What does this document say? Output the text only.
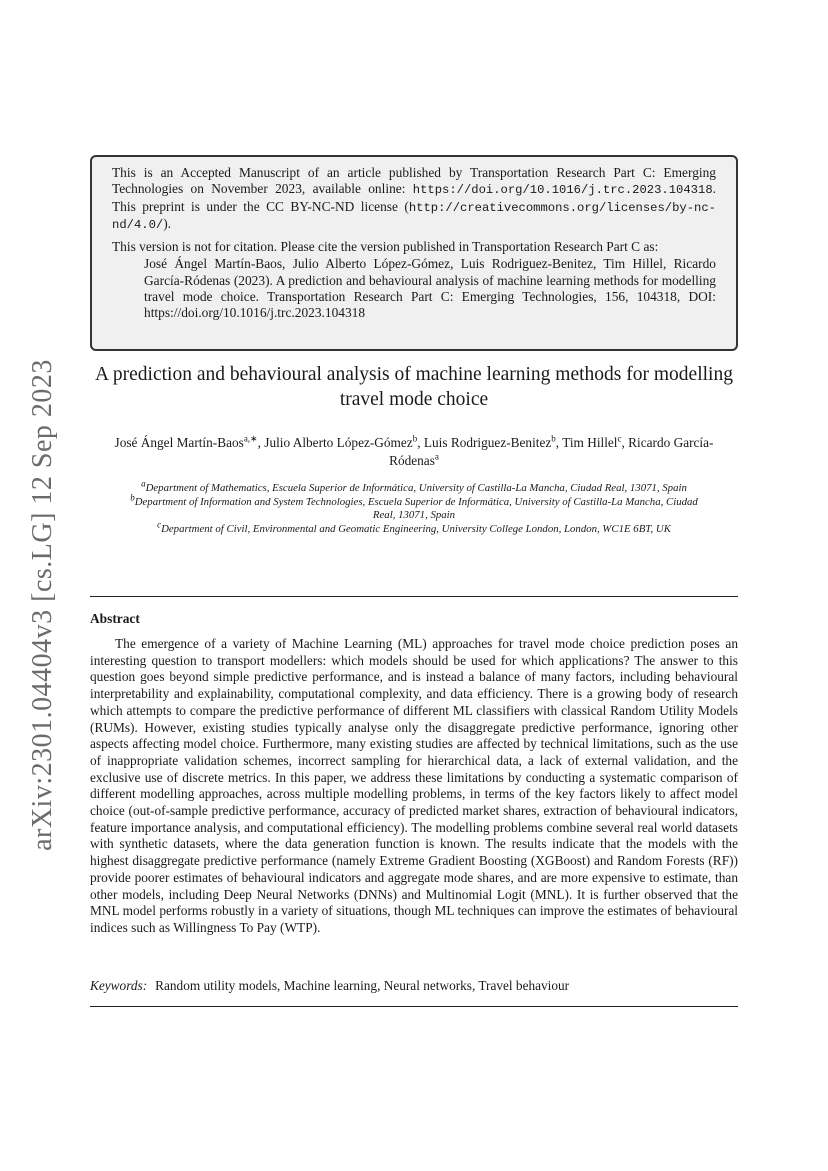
arXiv:2301.04404v3 [cs.LG] 12 Sep 2023

This is an Accepted Manuscript of an article published by Transportation Research Part C: Emerging Technologies on November 2023, available online: https://doi.org/10.1016/j.trc.2023.104318. This preprint is under the CC BY-NC-ND license (http://creativecommons.org/licenses/by-nc-nd/4.0/).

This version is not for citation. Please cite the version published in Transportation Research Part C as:

José Ángel Martín-Baos, Julio Alberto López-Gómez, Luis Rodriguez-Benitez, Tim Hillel, Ricardo García-Ródenas (2023). A prediction and behavioural analysis of machine learning methods for modelling travel mode choice. Transportation Research Part C: Emerging Technologies, 156, 104318, DOI: https://doi.org/10.1016/j.trc.2023.104318

A prediction and behavioural analysis of machine learning methods for modelling travel mode choice
José Ángel Martín-Baos$^{a,∗}$, Julio Alberto López-Gómez$^b$, Luis Rodriguez-Benitez$^b$, Tim Hillel$^c$, Ricardo García-Ródenas$^a$
$^a$Department of Mathematics, Escuela Superior de Informática, University of Castilla-La Mancha, Ciudad Real, 13071, Spain
$^b$Department of Information and System Technologies, Escuela Superior de Informática, University of Castilla-La Mancha, Ciudad Real, 13071, Spain
$^c$Department of Civil, Environmental and Geomatic Engineering, University College London, London, WC1E 6BT, UK
Abstract

The emergence of a variety of Machine Learning (ML) approaches for travel mode choice prediction poses an interesting question to transport modellers: which models should be used for which applications? The answer to this question goes beyond simple predictive performance, and is instead a balance of many factors, including behavioural interpretability and explainability, computational complexity, and data efficiency. There is a growing body of research which attempts to compare the predictive performance of different ML classifiers with classical Random Utility Models (RUMs). However, existing studies typically analyse only the disaggregate predictive performance, ignoring other aspects affecting model choice. Furthermore, many existing studies are affected by technical limitations, such as the use of inappropriate validation schemes, incorrect sampling for hierarchical data, a lack of external validation, and the exclusive use of discrete metrics. In this paper, we address these limitations by conducting a systematic comparison of different modelling approaches, across multiple modelling problems, in terms of the key factors likely to affect model choice (out-of-sample predictive performance, accuracy of predicted market shares, extraction of behavioural indicators, feature importance analysis, and computational efficiency). The modelling problems combine several real world datasets with synthetic datasets, where the data generation function is known. The results indicate that the models with the highest disaggregate predictive performance (namely Extreme Gradient Boosting (XGBoost) and Random Forests (RF)) provide poorer estimates of behavioural indicators and aggregate mode shares, and are more expensive to estimate, than other models, including Deep Neural Networks (DNNs) and Multinomial Logit (MNL). It is further observed that the MNL model performs robustly in a variety of situations, though ML techniques can improve the estimates of behavioural indices such as Willingness To Pay (WTP).

Keywords: Random utility models, Machine learning, Neural networks, Travel behaviour
